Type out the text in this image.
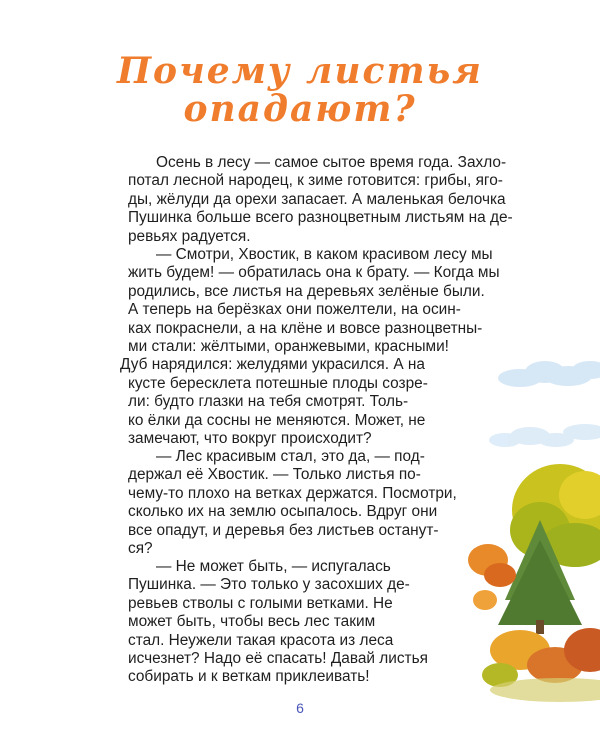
Почему листья
опадают?
Осень в лесу — самое сытое время года. Захло-
потал лесной народец, к зиме готовится: грибы, яго-
ды, жёлуди да орехи запасает. А маленькая белочка
Пушинка больше всего разноцветным листьям на де-
ревьях радуется.
— Смотри, Хвостик, в каком красивом лесу мы
жить будем! — обратилась она к брату. — Когда мы
родились, все листья на деревьях зелёные были.
А теперь на берёзках они пожелтели, на осин-
ках покраснели, а на клёне и вовсе разноцветны-
ми стали: жёлтыми, оранжевыми, красными!
Дуб нарядился: желудями украсился. А на
кусте бересклета потешные плоды созре-
ли: будто глазки на тебя смотрят. Толь-
ко ёлки да сосны не меняются. Может, не
замечают, что вокруг происходит?
— Лес красивым стал, это да, — под-
держал её Хвостик. — Только листья по-
чему-то плохо на ветках держатся. Посмотри,
сколько их на землю осыпалось. Вдруг они
все опадут, и деревья без листьев останут-
ся?
— Не может быть, — испугалась
Пушинка. — Это только у засохших де-
ревьев стволы с голыми ветками. Не
может быть, чтобы весь лес таким
стал. Неужели такая красота из леса
исчезнет? Надо её спасать! Давай листья
собирать и к веткам приклеивать!
6
